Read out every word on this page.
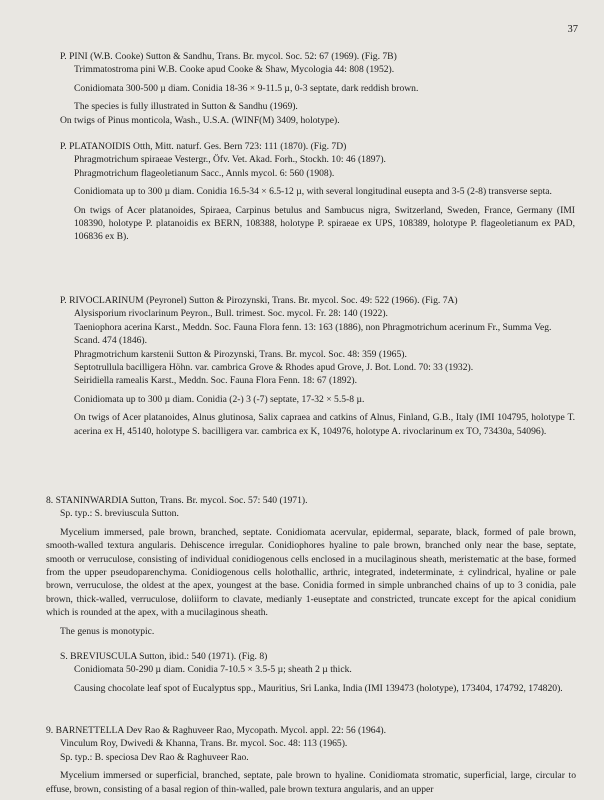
37

P. PINI (W.B. Cooke) Sutton & Sandhu, Trans. Br. mycol. Soc. 52: 67 (1969). (Fig. 7B)

Trimmatostroma pini W.B. Cooke apud Cooke & Shaw, Mycologia 44: 808 (1952).

Conidiomata 300-500 µ diam. Conidia 18-36 × 9-11.5 µ, 0-3 septate, dark reddish brown.

The species is fully illustrated in Sutton & Sandhu (1969).

On twigs of Pinus monticola, Wash., U.S.A. (WINF(M) 3409, holotype).

P. PLATANOIDIS Otth, Mitt. naturf. Ges. Bern 723: 111 (1870). (Fig. 7D)

Phragmotrichum spiraeae Vestergr., Öfv. Vet. Akad. Forh., Stockh. 10: 46 (1897).

Phragmotrichum flageoletianum Sacc., Annls mycol. 6: 560 (1908).

Conidiomata up to 300 µ diam. Conidia 16.5-34 × 6.5-12 µ, with several longitudinal eusepta and 3-5 (2-8) transverse septa.

On twigs of Acer platanoides, Spiraea, Carpinus betulus and Sambucus nigra, Switzerland, Sweden, France, Germany (IMI 108390, holotype P. platanoidis ex BERN, 108388, holotype P. spiraeae ex UPS, 108389, holotype P. flageoletianum ex PAD, 106836 ex B).

P. RIVOCLARINUM (Peyronel) Sutton & Pirozynski, Trans. Br. mycol. Soc. 49: 522 (1966). (Fig. 7A)

Alysisporium rivoclarinum Peyron., Bull. trimest. Soc. mycol. Fr. 28: 140 (1922).

Taeniophora acerina Karst., Meddn. Soc. Fauna Flora fenn. 13: 163 (1886), non Phragmotrichum acerinum Fr., Summa Veg. Scand. 474 (1846).

Phragmotrichum karstenii Sutton & Pirozynski, Trans. Br. mycol. Soc. 48: 359 (1965).

Septotrullula bacilligera Höhn. var. cambrica Grove & Rhodes apud Grove, J. Bot. Lond. 70: 33 (1932).

Seiridiella ramealis Karst., Meddn. Soc. Fauna Flora Fenn. 18: 67 (1892).

Conidiomata up to 300 µ diam. Conidia (2-) 3 (-7) septate, 17-32 × 5.5-8 µ.

On twigs of Acer platanoides, Alnus glutinosa, Salix capraea and catkins of Alnus, Finland, G.B., Italy (IMI 104795, holotype T. acerina ex H, 45140, holotype S. bacilligera var. cambrica ex K, 104976, holotype A. rivoclarinum ex TO, 73430a, 54096).

8. STANINWARDIA Sutton, Trans. Br. mycol. Soc. 57: 540 (1971).

Sp. typ.: S. breviuscula Sutton.

Mycelium immersed, pale brown, branched, septate. Conidiomata acervular, epidermal, separate, black, formed of pale brown, smooth-walled textura angularis. Dehiscence irregular. Conidiophores hyaline to pale brown, branched only near the base, septate, smooth or verruculose, consisting of individual conidiogenous cells enclosed in a mucilaginous sheath, meristematic at the base, formed from the upper pseudoparenchyma. Conidiogenous cells holothallic, arthric, integrated, indeterminate, ± cylindrical, hyaline or pale brown, verruculose, the oldest at the apex, youngest at the base. Conidia formed in simple unbranched chains of up to 3 conidia, pale brown, thick-walled, verruculose, doliiform to clavate, medianly 1-euseptate and constricted, truncate except for the apical conidium which is rounded at the apex, with a mucilaginous sheath.

The genus is monotypic.

S. BREVIUSCULA Sutton, ibid.: 540 (1971). (Fig. 8)

Conidiomata 50-290 µ diam. Conidia 7-10.5 × 3.5-5 µ; sheath 2 µ thick.

Causing chocolate leaf spot of Eucalyptus spp., Mauritius, Sri Lanka, India (IMI 139473 (holotype), 173404, 174792, 174820).

9. BARNETTELLA Dev Rao & Raghuveer Rao, Mycopath. Mycol. appl. 22: 56 (1964).

Vinculum Roy, Dwivedi & Khanna, Trans. Br. mycol. Soc. 48: 113 (1965).

Sp. typ.: B. speciosa Dev Rao & Raghuveer Rao.

Mycelium immersed or superficial, branched, septate, pale brown to hyaline. Conidiomata stromatic, superficial, large, circular to effuse, brown, consisting of a basal region of thin-walled, pale brown textura angularis, and an upper
